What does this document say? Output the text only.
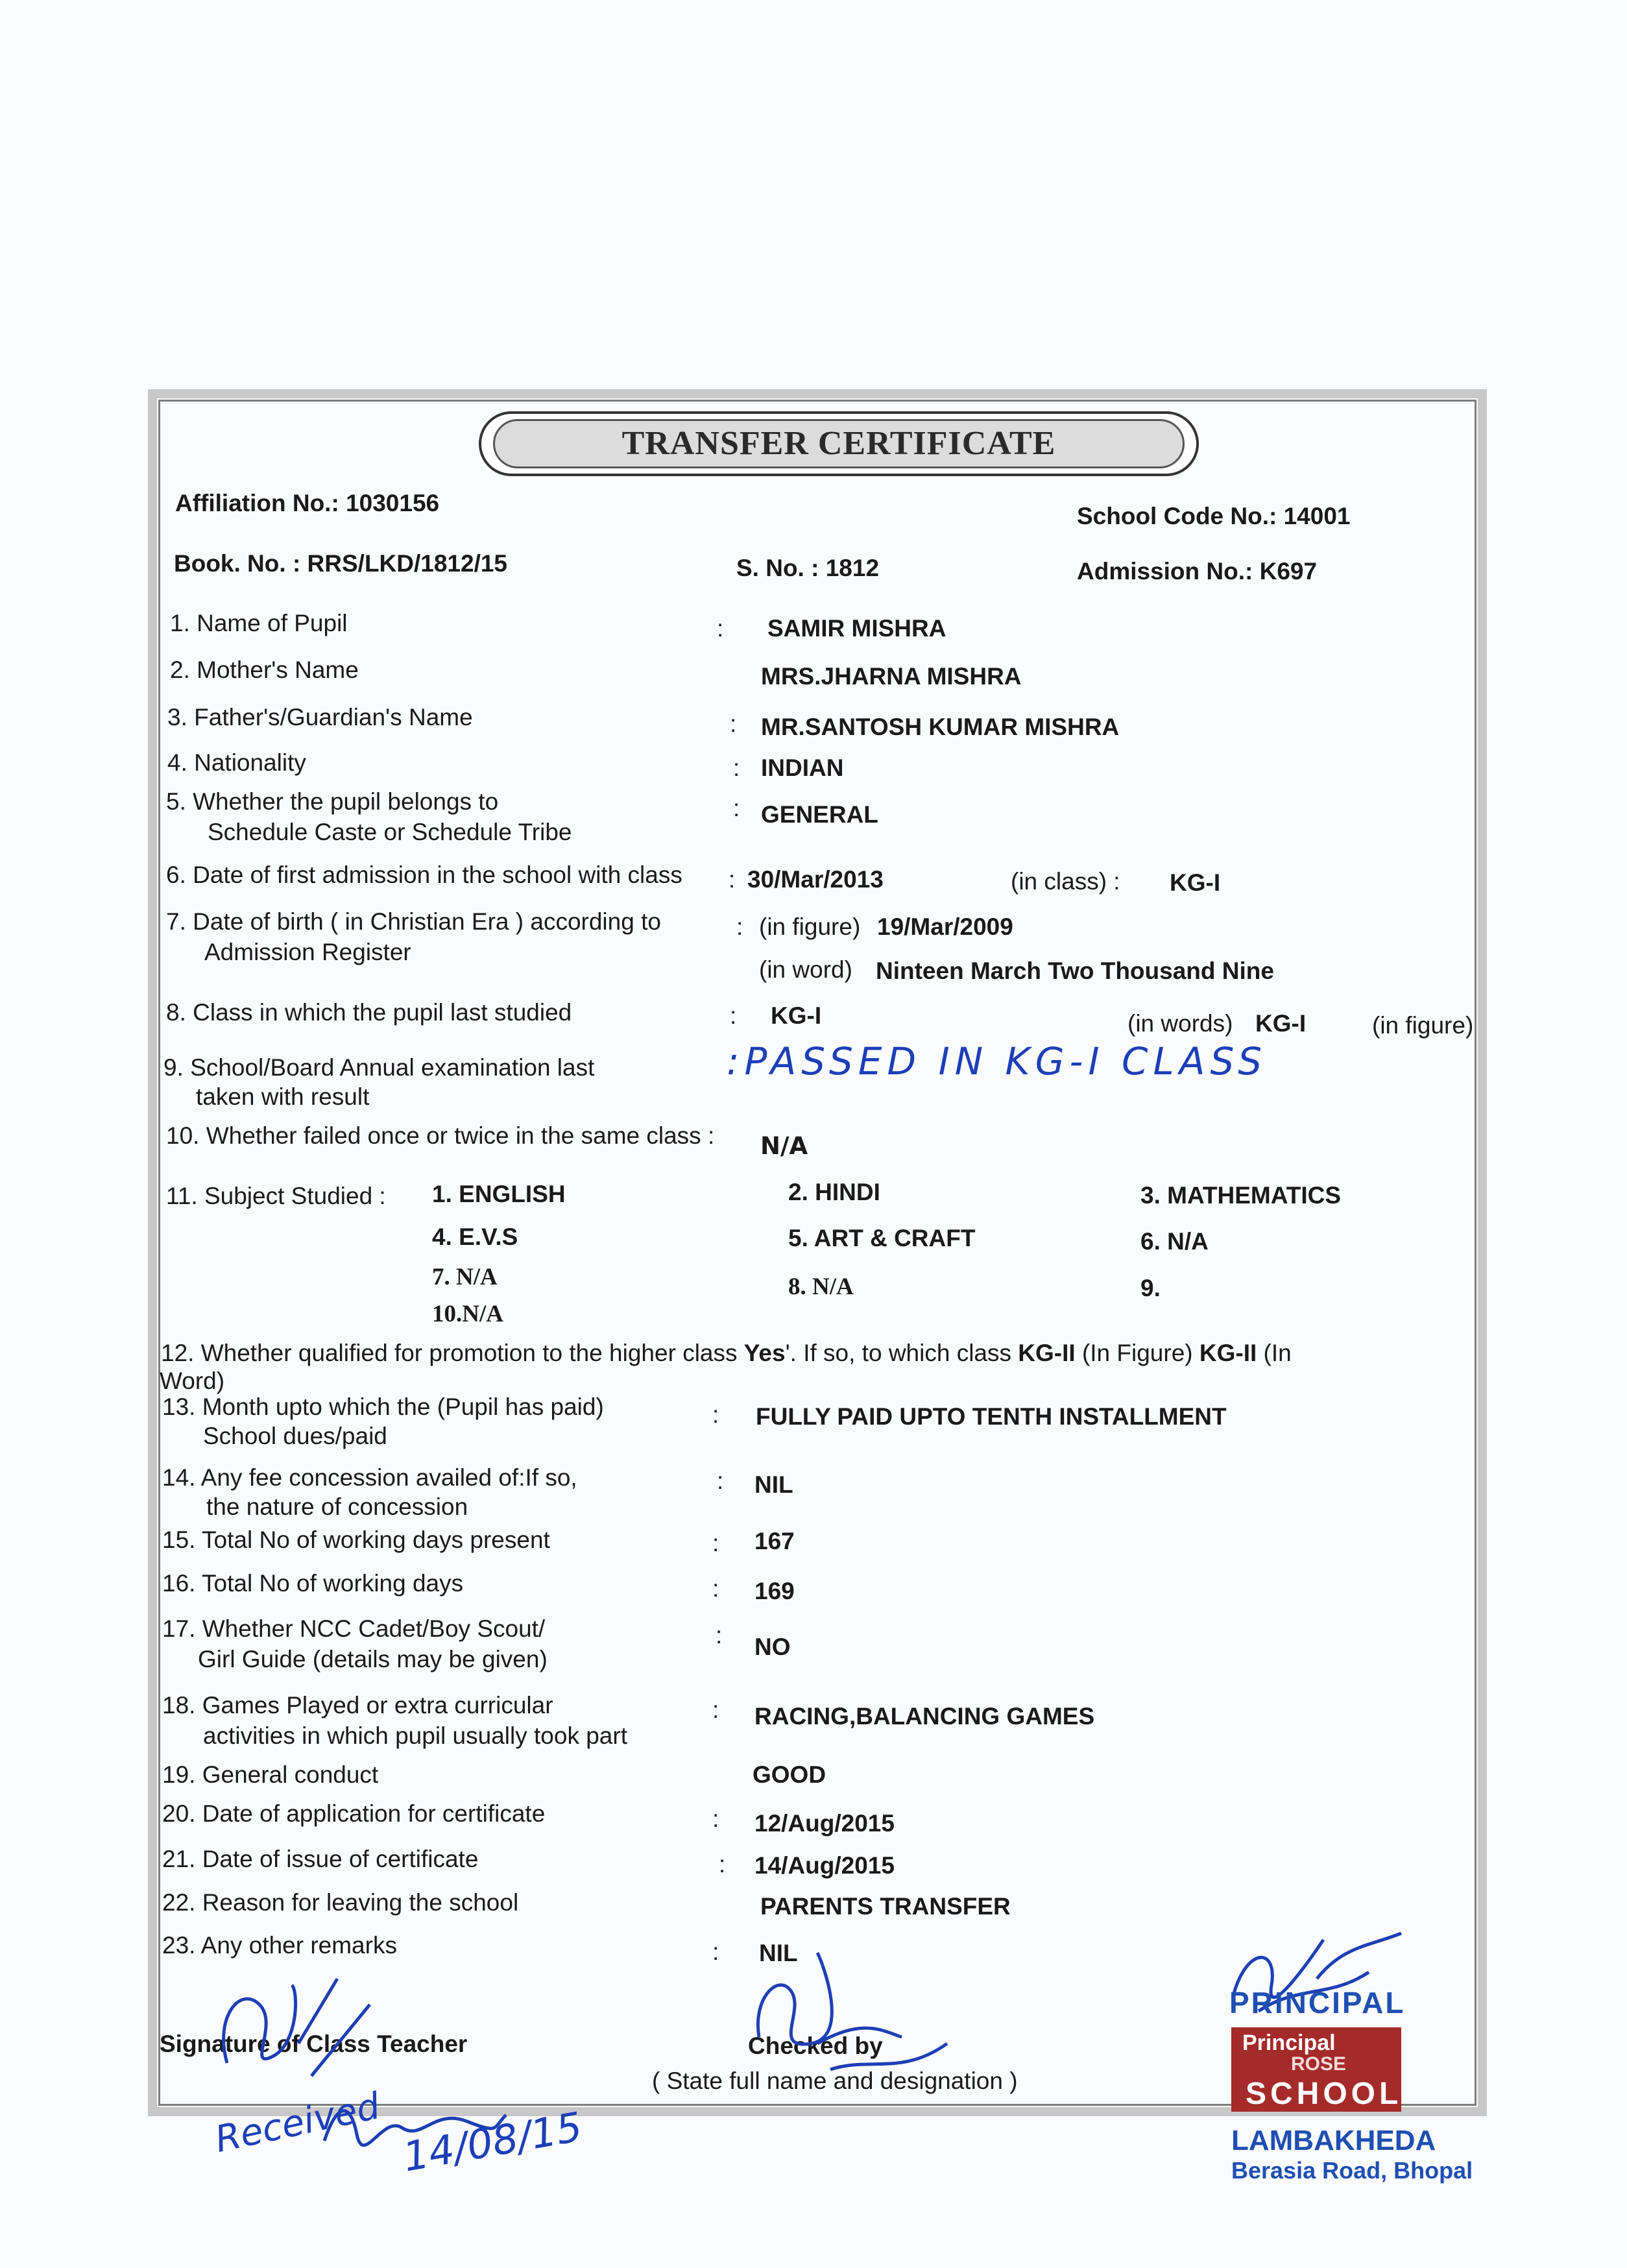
TRANSFER CERTIFICATE
Affiliation No.: 1030156	School Code No.: 14001
Book. No. : RRS/LKD/1812/15	S. No. : 1812	Admission No.: K697
1. Name of Pupil	: SAMIR MISHRA
2. Mother's Name	MRS.JHARNA MISHRA
3. Father's/Guardian's Name	: MR.SANTOSH KUMAR MISHRA
4. Nationality	: INDIAN
5. Whether the pupil belongs to
Schedule Caste or Schedule Tribe
: GENERAL
6. Date of first admission in the school with class : 30/Mar/2013	(in class) : KG-I
7. Date of birth ( in Christian Era ) according to
Admission Register
: (in figure) 19/Mar/2009
(in word) Ninteen March Two Thousand Nine
8. Class in which the pupil last studied	: KG-I	(in words) KG-I	(in figure)
9. School/Board Annual examination last
taken with result
:PASSED IN KG-I CLASS
10. Whether failed once or twice in the same class : N/A
11. Subject Studied : 1. ENGLISH	2. HINDI	3. MATHEMATICS
4. E.V.S	5. ART & CRAFT	6. N/A
7. N/A	8. N/A	9.
10.N/A
12. Whether qualified for promotion to the higher class Yes'. If so, to which class KG-II (In Figure) KG-II (In
Word)
13. Month upto which the (Pupil has paid)
School dues/paid
: FULLY PAID UPTO TENTH INSTALLMENT
14. Any fee concession availed of:If so,
the nature of concession
: NIL
15. Total No of working days present	: 167
16. Total No of working days	: 169
17. Whether NCC Cadet/Boy Scout/
Girl Guide (details may be given)
: NO
18. Games Played or extra curricular
activities in which pupil usually took part
: RACING,BALANCING GAMES
19. General conduct	GOOD
20. Date of application for certificate	: 12/Aug/2015
21. Date of issue of certificate	: 14/Aug/2015
22. Reason for leaving the school	PARENTS TRANSFER
23. Any other remarks	: NIL
Signature of Class Teacher	Checked by
( State full name and designation )
PRINCIPAL
Principal
ROSE
SCHOOL
LAMBAKHEDA
Berasia Road, Bhopal
Received 14/08/15
